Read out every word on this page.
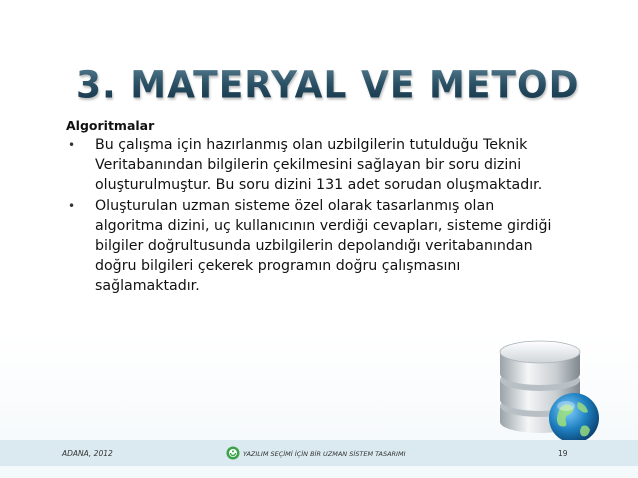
3. MATERYAL VE METOD
Algoritmalar
• Bu çalışma için hazırlanmış olan uzbilgilerin tutulduğu Teknik Veritabanından bilgilerin çekilmesini sağlayan bir soru dizini oluşturulmuştur. Bu soru dizini 131 adet sorudan oluşmaktadır.
• Oluşturulan uzman sisteme özel olarak tasarlanmış olan algoritma dizini, uç kullanıcının verdiği cevapları, sisteme girdiği bilgiler doğrultusunda uzbilgilerin depolandığı veritabanından doğru bilgileri çekerek programın doğru çalışmasını sağlamaktadır.
ADANA, 2012	YAZILIM SEÇİMİ İÇİN BİR UZMAN SİSTEM TASARIMI	19
